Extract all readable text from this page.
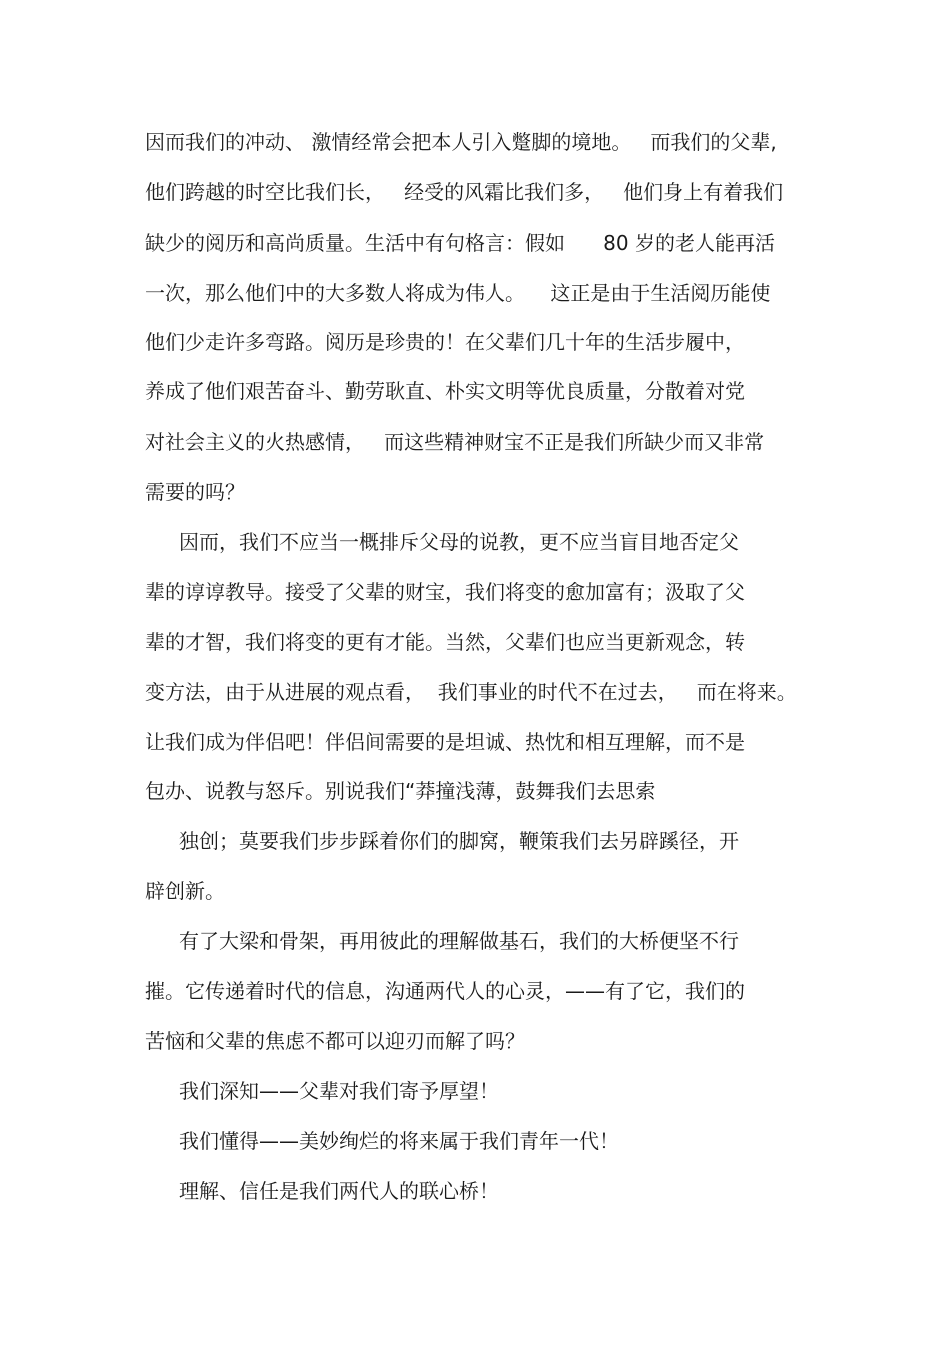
因而我们的冲动、 激情经常会把本人引入蹩脚的境地。   而我们的父辈,
他们跨越的时空比我们长，   经受的风霜比我们多，   他们身上有着我们
缺少的阅历和高尚质量。生活中有句格言：假如      80 岁的老人能再活
一次，那么他们中的大多数人将成为伟人。    这正是由于生活阅历能使
他们少走许多弯路。阅历是珍贵的！在父辈们几十年的生活步履中，
养成了他们艰苦奋斗、勤劳耿直、朴实文明等优良质量，分散着对党
对社会主义的火热感情，   而这些精神财宝不正是我们所缺少而又非常
需要的吗？
因而，我们不应当一概排斥父母的说教，更不应当盲目地否定父
辈的谆谆教导。接受了父辈的财宝，我们将变的愈加富有；汲取了父
辈的才智，我们将变的更有才能。当然，父辈们也应当更新观念，转
变方法，由于从进展的观点看，  我们事业的时代不在过去，   而在将来。
让我们成为伴侣吧！伴侣间需要的是坦诚、热忱和相互理解，而不是
包办、说教与怒斥。别说我们“莽撞浅薄，鼓舞我们去思索
独创；莫要我们步步踩着你们的脚窝，鞭策我们去另辟蹊径，开
辟创新。
有了大梁和骨架，再用彼此的理解做基石，我们的大桥便坚不行
摧。它传递着时代的信息，沟通两代人的心灵，——有了它，我们的
苦恼和父辈的焦虑不都可以迎刃而解了吗？
我们深知——父辈对我们寄予厚望！
我们懂得——美妙绚烂的将来属于我们青年一代！
理解、信任是我们两代人的联心桥！
